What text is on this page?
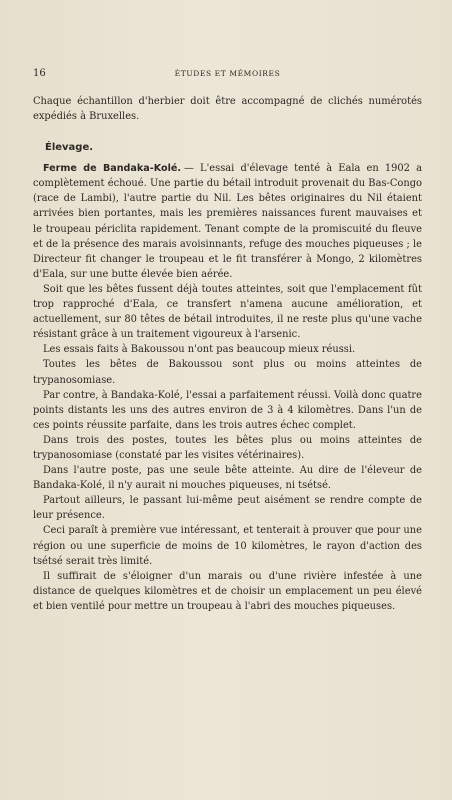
16	ÉTUDES ET MÉMOIRES

Chaque échantillon d'herbier doit être accompagné de clichés numérotés expédiés à Bruxelles.

Élevage.

Ferme de Bandaka-Kolé. — L'essai d'élevage tenté à Eala en 1902 a complètement échoué. Une partie du bétail introduit provenait du Bas-Congo (race de Lambi), l'autre partie du Nil. Les bêtes originaires du Nil étaient arrivées bien portantes, mais les premières naissances furent mauvaises et le troupeau périclita rapidement. Tenant compte de la promiscuité du fleuve et de la présence des marais avoisinnants, refuge des mouches piqueuses ; le Directeur fit changer le troupeau et le fit transférer à Mongo, 2 kilomètres d'Eala, sur une butte élevée bien aérée.

Soit que les bêtes fussent déjà toutes atteintes, soit que l'emplacement fût trop rapproché d'Eala, ce transfert n'amena aucune amélioration, et actuellement, sur 80 têtes de bétail introduites, il ne reste plus qu'une vache résistant grâce à un traitement vigoureux à l'arsenic.

Les essais faits à Bakoussou n'ont pas beaucoup mieux réussi.

Toutes les bêtes de Bakoussou sont plus ou moins atteintes de trypanosomiase.

Par contre, à Bandaka-Kolé, l'essai a parfaitement réussi. Voilà donc quatre points distants les uns des autres environ de 3 à 4 kilomètres. Dans l'un de ces points réussite parfaite, dans les trois autres échec complet.

Dans trois des postes, toutes les bêtes plus ou moins atteintes de trypanosomiase (constaté par les visites vétérinaires).

Dans l'autre poste, pas une seule bête atteinte. Au dire de l'éleveur de Bandaka-Kolé, il n'y aurait ni mouches piqueuses, ni tsétsé.

Partout ailleurs, le passant lui-même peut aisément se rendre compte de leur présence.

Ceci paraît à première vue intéressant, et tenterait à prouver que pour une région ou une superficie de moins de 10 kilomètres, le rayon d'action des tsétsé serait très limité.

Il suffirait de s'éloigner d'un marais ou d'une rivière infestée à une distance de quelques kilomètres et de choisir un emplacement un peu élevé et bien ventilé pour mettre un troupeau à l'abri des mouches piqueuses.
